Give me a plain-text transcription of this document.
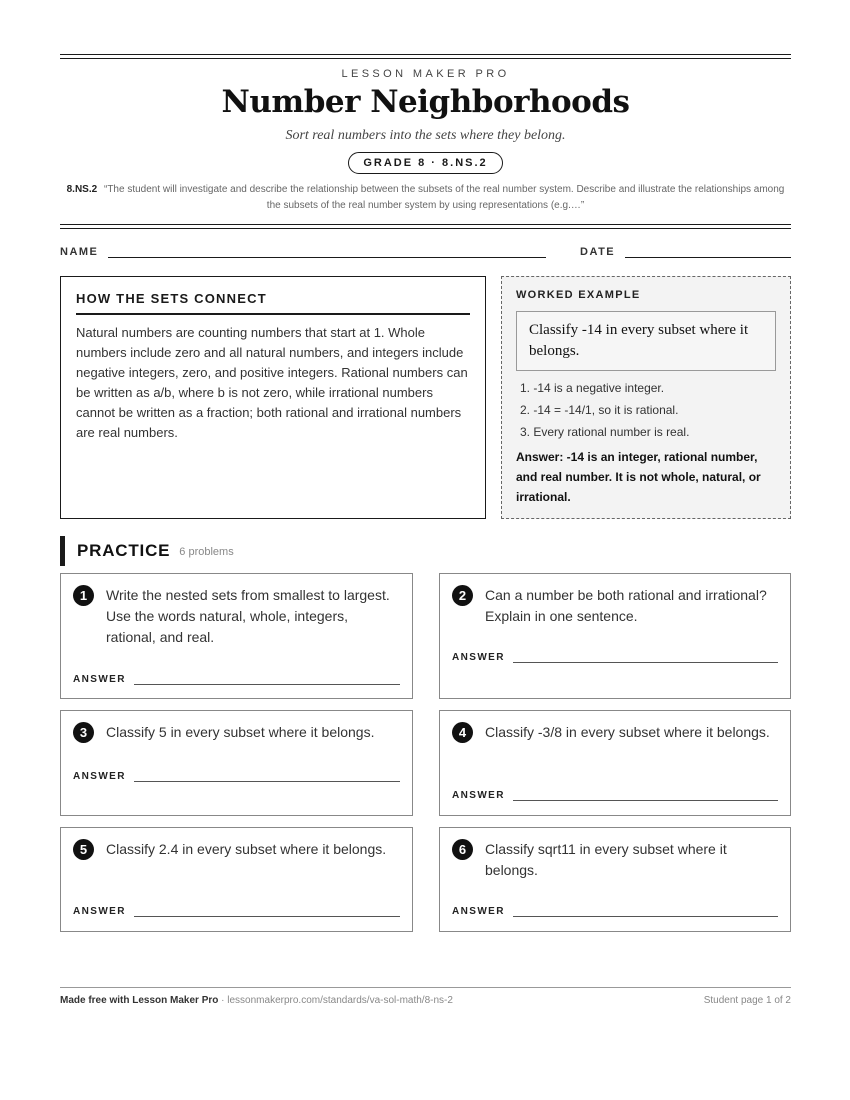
LESSON MAKER PRO
Number Neighborhoods
Sort real numbers into the sets where they belong.
GRADE 8 · 8.NS.2
8.NS.2 “The student will investigate and describe the relationship between the subsets of the real number system. Describe and illustrate the relationships among the subsets of the real number system by using representations (e.g.…”
NAME	DATE
HOW THE SETS CONNECT
Natural numbers are counting numbers that start at 1. Whole numbers include zero and all natural numbers, and integers include negative integers, zero, and positive integers. Rational numbers can be written as a/b, where b is not zero, while irrational numbers cannot be written as a fraction; both rational and irrational numbers are real numbers.
WORKED EXAMPLE
Classify -14 in every subset where it belongs.
1. -14 is a negative integer.
2. -14 = -14/1, so it is rational.
3. Every rational number is real.
Answer: -14 is an integer, rational number, and real number. It is not whole, natural, or irrational.
PRACTICE 6 problems
1	Write the nested sets from smallest to largest. Use the words natural, whole, integers, rational, and real.
ANSWER
2	Can a number be both rational and irrational? Explain in one sentence.
ANSWER
3	Classify 5 in every subset where it belongs.
ANSWER
4	Classify -3/8 in every subset where it belongs.
ANSWER
5	Classify 2.4 in every subset where it belongs.
ANSWER
6	Classify sqrt11 in every subset where it belongs.
ANSWER
Made free with Lesson Maker Pro · lessonmakerpro.com/standards/va-sol-math/8-ns-2	Student page 1 of 2
